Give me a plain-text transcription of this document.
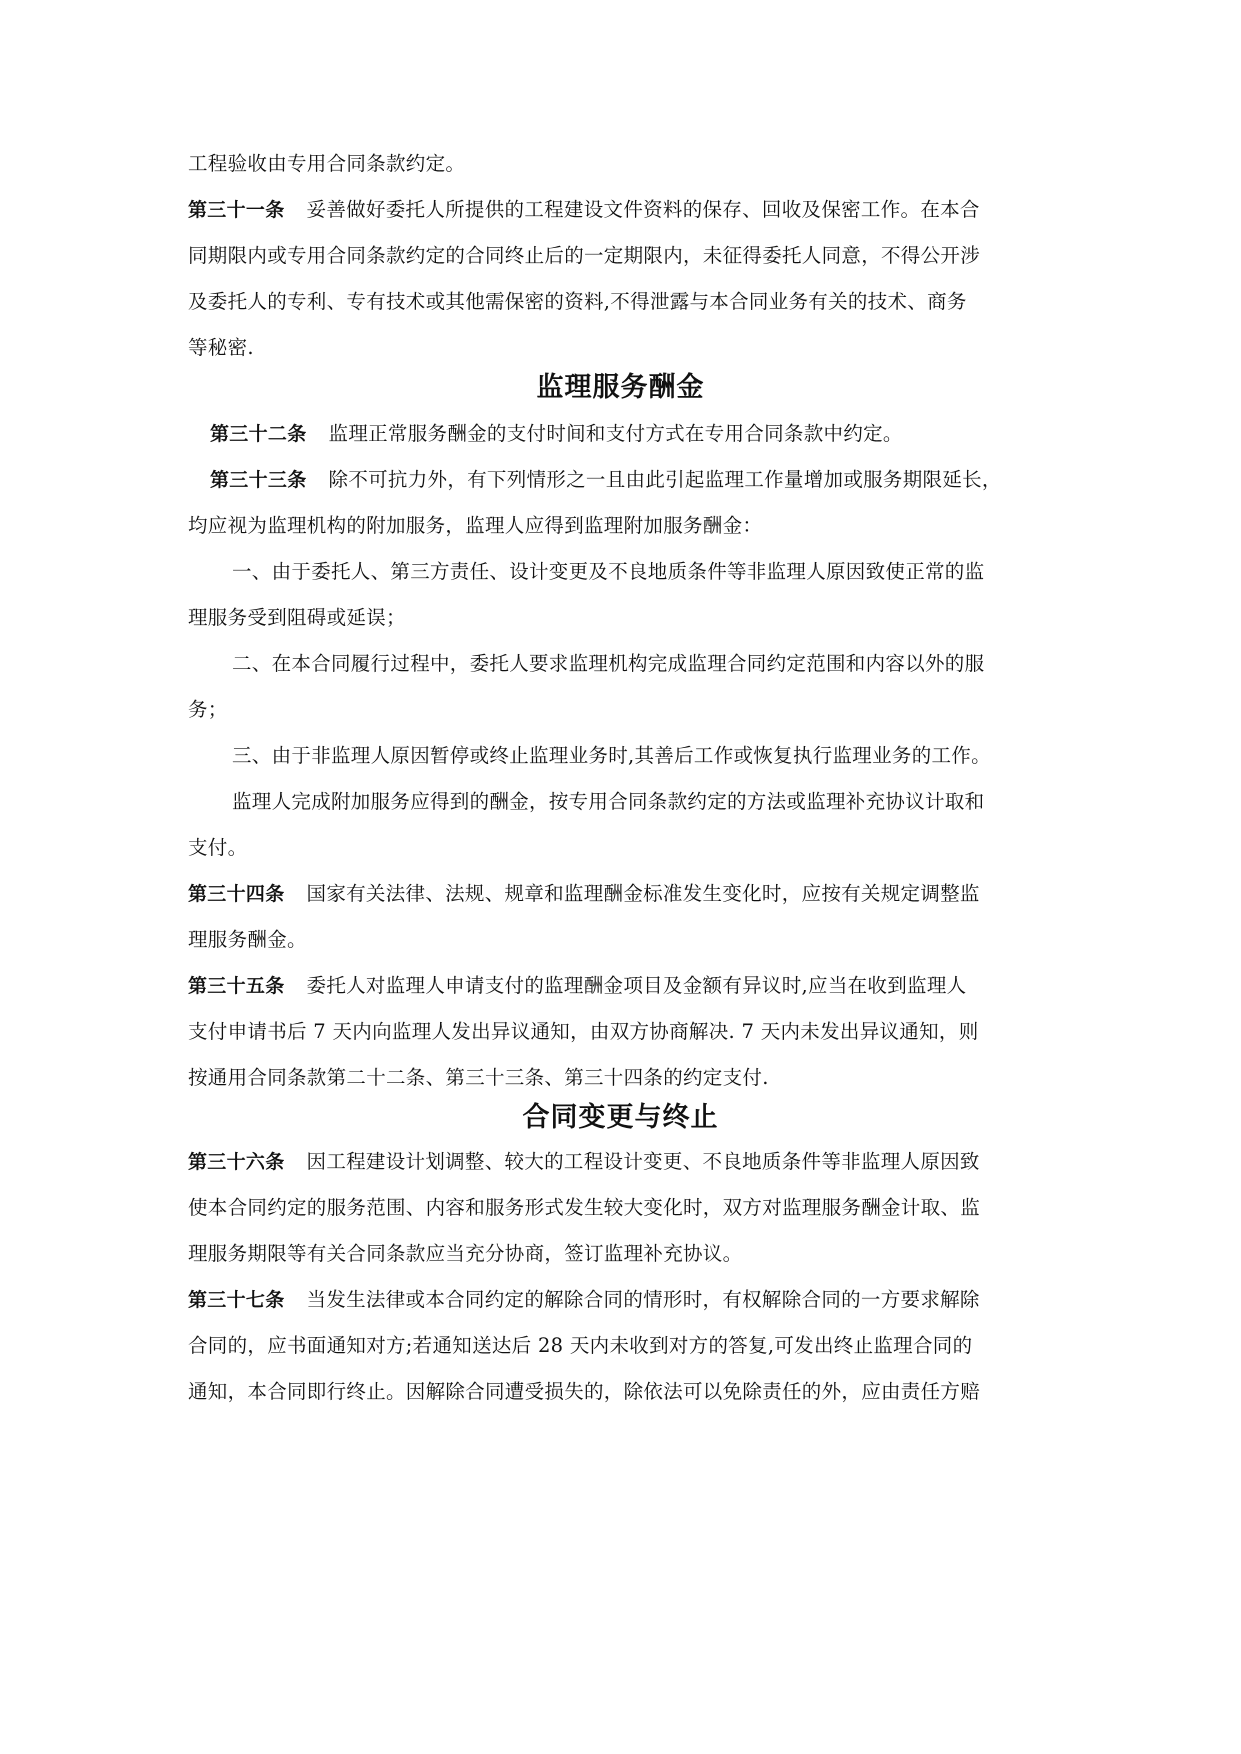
工程验收由专用合同条款约定。
第三十一条 妥善做好委托人所提供的工程建设文件资料的保存、回收及保密工作。在本合
同期限内或专用合同条款约定的合同终止后的一定期限内，未征得委托人同意，不得公开涉
及委托人的专利、专有技术或其他需保密的资料,不得泄露与本合同业务有关的技术、商务
等秘密.
监理服务酬金
第三十二条 监理正常服务酬金的支付时间和支付方式在专用合同条款中约定。
第三十三条 除不可抗力外，有下列情形之一且由此引起监理工作量增加或服务期限延长，
均应视为监理机构的附加服务，监理人应得到监理附加服务酬金：
一、由于委托人、第三方责任、设计变更及不良地质条件等非监理人原因致使正常的监
理服务受到阻碍或延误；
二、在本合同履行过程中，委托人要求监理机构完成监理合同约定范围和内容以外的服
务；
三、由于非监理人原因暂停或终止监理业务时,其善后工作或恢复执行监理业务的工作。
监理人完成附加服务应得到的酬金，按专用合同条款约定的方法或监理补充协议计取和
支付。
第三十四条 国家有关法律、法规、规章和监理酬金标准发生变化时，应按有关规定调整监
理服务酬金。
第三十五条 委托人对监理人申请支付的监理酬金项目及金额有异议时,应当在收到监理人
支付申请书后 7 天内向监理人发出异议通知，由双方协商解决. 7 天内未发出异议通知，则
按通用合同条款第二十二条、第三十三条、第三十四条的约定支付.
合同变更与终止
第三十六条 因工程建设计划调整、较大的工程设计变更、不良地质条件等非监理人原因致
使本合同约定的服务范围、内容和服务形式发生较大变化时，双方对监理服务酬金计取、监
理服务期限等有关合同条款应当充分协商，签订监理补充协议。
第三十七条 当发生法律或本合同约定的解除合同的情形时，有权解除合同的一方要求解除
合同的，应书面通知对方;若通知送达后 28 天内未收到对方的答复,可发出终止监理合同的
通知，本合同即行终止。因解除合同遭受损失的，除依法可以免除责任的外，应由责任方赔
